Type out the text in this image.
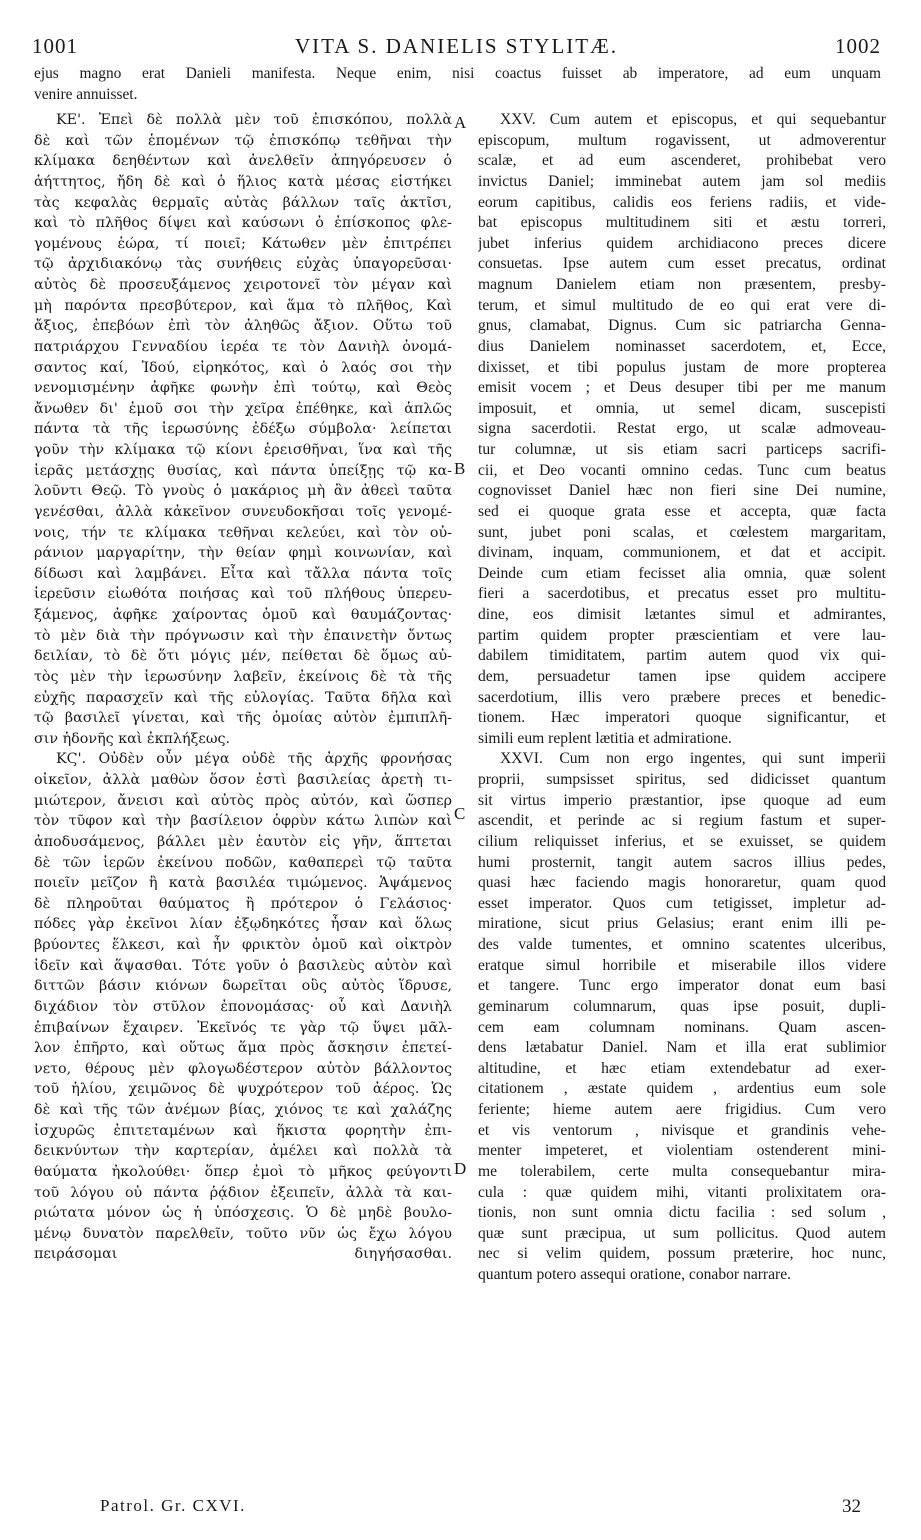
1001	VITA S. DANIELIS STYLITÆ.	1002
ejus magno erat Danieli manifesta. Neque enim, nisi coactus fuisset ab imperatore, ad eum unquam
venire annuisset.
ΚΕ'. Ἐπεὶ δὲ πολλὰ μὲν τοῦ ἐπισκόπου, πολλὰ
δὲ καὶ τῶν ἑπομένων τῷ ἐπισκόπῳ τεθῆναι τὴν
κλίμακα δεηθέντων καὶ ἀνελθεῖν ἀπηγόρευσεν ὁ
ἀήττητος, ἤδη δὲ καὶ ὁ ἥλιος κατὰ μέσας εἱστήκει
τὰς κεφαλὰς θερμαῖς αὐτὰς βάλλων ταῖς ἀκτῖσι,
καὶ τὸ πλῆθος δίψει καὶ καύσωνι ὁ ἐπίσκοπος φλε-
γομένους ἑώρα, τί ποιεῖ; Κάτωθεν μὲν ἐπιτρέπει
τῷ ἀρχιδιακόνῳ τὰς συνήθεις εὐχὰς ὑπαγορεῦσαι·
αὐτὸς δὲ προσευξάμενος χειροτονεῖ τὸν μέγαν καὶ
μὴ παρόντα πρεσβύτερον, καὶ ἅμα τὸ πλῆθος, Καὶ
ἄξιος, ἐπεβόων ἐπὶ τὸν ἀληθῶς ἄξιον. Οὕτω τοῦ
πατριάρχου Γενναδίου ἱερέα τε τὸν Δανιὴλ ὀνομά-
σαντος καί, Ἰδού, εἰρηκότος, καὶ ὁ λαός σοι τὴν
νενομισμένην ἀφῆκε φωνὴν ἐπὶ τούτῳ, καὶ Θεὸς
ἄνωθεν δι' ἐμοῦ σοι τὴν χεῖρα ἐπέθηκε, καὶ ἁπλῶς
πάντα τὰ τῆς ἱερωσύνης ἐδέξω σύμβολα· λείπεται
γοῦν τὴν κλίμακα τῷ κίονι ἐρεισθῆναι, ἵνα καὶ τῆς
ἱερᾶς μετάσχῃς θυσίας, καὶ πάντα ὑπείξῃς τῷ κα-
λοῦντι Θεῷ. Τὸ γνοὺς ὁ μακάριος μὴ ἂν ἀθεεὶ ταῦτα
γενέσθαι, ἀλλὰ κἀκεῖνον συνευδοκῆσαι τοῖς γενομέ-
νοις, τήν τε κλίμακα τεθῆναι κελεύει, καὶ τὸν οὐ-
ράνιον μαργαρίτην, τὴν θείαν φημὶ κοινωνίαν, καὶ
δίδωσι καὶ λαμβάνει. Εἶτα καὶ τἄλλα πάντα τοῖς
ἱερεῦσιν εἰωθότα ποιήσας καὶ τοῦ πλήθους ὑπερευ-
ξάμενος, ἀφῆκε χαίροντας ὁμοῦ καὶ θαυμάζοντας·
τὸ μὲν διὰ τὴν πρόγνωσιν καὶ τὴν ἐπαινετὴν ὄντως
δειλίαν, τὸ δὲ ὅτι μόγις μέν, πείθεται δὲ ὅμως αὐ-
τὸς μὲν τὴν ἱερωσύνην λαβεῖν, ἐκείνοις δὲ τὰ τῆς
εὐχῆς παρασχεῖν καὶ τῆς εὐλογίας. Ταῦτα δῆλα καὶ
τῷ βασιλεῖ γίνεται, καὶ τῆς ὁμοίας αὐτὸν ἐμπιπλῆ-
σιν ἡδονῆς καὶ ἐκπλήξεως.
ΚϚ'. Οὐδὲν οὖν μέγα οὐδὲ τῆς ἀρχῆς φρονήσας
οἰκεῖον, ἀλλὰ μαθὼν ὅσον ἐστὶ βασιλείας ἀρετὴ τι-
μιώτερον, ἄνεισι καὶ αὐτὸς πρὸς αὐτόν, καὶ ὥσπερ
τὸν τῦφον καὶ τὴν βασίλειον ὀφρὺν κάτω λιπὼν καὶ
ἀποδυσάμενος, βάλλει μὲν ἑαυτὸν εἰς γῆν, ἅπτεται
δὲ τῶν ἱερῶν ἐκείνου ποδῶν, καθαπερεὶ τῷ ταῦτα
ποιεῖν μεῖζον ἢ κατὰ βασιλέα τιμώμενος. Ἁψάμενος
δὲ πληροῦται θαύματος ἢ πρότερον ὁ Γελάσιος·
πόδες γὰρ ἐκεῖνοι λίαν ἐξῳδηκότες ἦσαν καὶ ὅλως
βρύοντες ἕλκεσι, καὶ ἦν φρικτὸν ὁμοῦ καὶ οἰκτρὸν
ἰδεῖν καὶ ἅψασθαι. Τότε γοῦν ὁ βασιλεὺς αὐτὸν καὶ
διττῶν βάσιν κιόνων δωρεῖται οὓς αὐτὸς ἵδρυσε,
διχάδιον τὸν στῦλον ἐπονομάσας· οὗ καὶ Δανιὴλ
ἐπιβαίνων ἔχαιρεν. Ἐκεῖνός τε γὰρ τῷ ὕψει μᾶλ-
λον ἐπῆρτο, καὶ οὕτως ἅμα πρὸς ἄσκησιν ἐπετεί-
νετο, θέρους μὲν φλογωδέστερον αὐτὸν βάλλοντος
τοῦ ἡλίου, χειμῶνος δὲ ψυχρότερον τοῦ ἀέρος. Ὡς
δὲ καὶ τῆς τῶν ἀνέμων βίας, χιόνος τε καὶ χαλάζης
ἰσχυρῶς ἐπιτεταμένων καὶ ἥκιστα φορητὴν ἐπι-
δεικνύντων τὴν καρτερίαν, ἀμέλει καὶ πολλὰ τὰ
θαύματα ἠκολούθει· ὅπερ ἐμοὶ τὸ μῆκος φεύγοντι
τοῦ λόγου οὐ πάντα ῥᾴδιον ἐξειπεῖν, ἀλλὰ τὰ και-
ριώτατα μόνον ὡς ἡ ὑπόσχεσις. Ὁ δὲ μηδὲ βουλο-
μένῳ δυνατὸν παρελθεῖν, τοῦτο νῦν ὡς ἔχω λόγου
πειράσομαι διηγήσασθαι.
XXV. Cum autem et episcopus, et qui sequebantur
episcopum, multum rogavissent, ut admoverentur
scalæ, et ad eum ascenderet, prohibebat vero
invictus Daniel; imminebat autem jam sol mediis
eorum capitibus, calidis eos feriens radiis, et vide-
bat episcopus multitudinem siti et æstu torreri,
jubet inferius quidem archidiacono preces dicere
consuetas. Ipse autem cum esset precatus, ordinat
magnum Danielem etiam non præsentem, presby-
terum, et simul multitudo de eo qui erat vere di-
gnus, clamabat, Dignus. Cum sic patriarcha Genna-
dius Danielem nominasset sacerdotem, et, Ecce,
dixisset, et tibi populus justam de more propterea
emisit vocem ; et Deus desuper tibi per me manum
imposuit, et omnia, ut semel dicam, suscepisti
signa sacerdotii. Restat ergo, ut scalæ admoveau-
tur columnæ, ut sis etiam sacri particeps sacrifi-
cii, et Deo vocanti omnino cedas. Tunc cum beatus
cognovisset Daniel hæc non fieri sine Dei numine,
sed ei quoque grata esse et accepta, quæ facta
sunt, jubet poni scalas, et cœlestem margaritam,
divinam, inquam, communionem, et dat et accipit.
Deinde cum etiam fecisset alia omnia, quæ solent
fieri a sacerdotibus, et precatus esset pro multitu-
dine, eos dimisit lætantes simul et admirantes,
partim quidem propter præscientiam et vere lau-
dabilem timiditatem, partim autem quod vix qui-
dem, persuadetur tamen ipse quidem accipere
sacerdotium, illis vero præbere preces et benedic-
tionem. Hæc imperatori quoque significantur, et
simili eum replent lætitia et admiratione.
XXVI. Cum non ergo ingentes, qui sunt imperii
proprii, sumpsisset spiritus, sed didicisset quantum
sit virtus imperio præstantior, ipse quoque ad eum
ascendit, et perinde ac si regium fastum et super-
cilium reliquisset inferius, et se exuisset, se quidem
humi prosternit, tangit autem sacros illius pedes,
quasi hæc faciendo magis honoraretur, quam quod
esset imperator. Quos cum tetigisset, impletur ad-
miratione, sicut prius Gelasius; erant enim illi pe-
des valde tumentes, et omnino scatentes ulceribus,
eratque simul horribile et miserabile illos videre
et tangere. Tunc ergo imperator donat eum basi
geminarum columnarum, quas ipse posuit, dupli-
cem eam columnam nominans. Quam ascen-
dens lætabatur Daniel. Nam et illa erat sublimior
altitudine, et hæc etiam extendebatur ad exer-
citationem , æstate quidem , ardentius eum sole
feriente; hieme autem aere frigidius. Cum vero
et vis ventorum , nivisque et grandinis vehe-
menter impeteret, et violentiam ostenderent mini-
me tolerabilem, certe multa consequebantur mira-
cula : quæ quidem mihi, vitanti prolixitatem ora-
tionis, non sunt omnia dictu facilia : sed solum ,
quæ sunt præcipua, ut sum pollicitus. Quod autem
nec si velim quidem, possum præterire, hoc nunc,
quantum potero assequi oratione, conabor narrare.
A
B
C
D
Patrol. Gr. CXVI.	32
